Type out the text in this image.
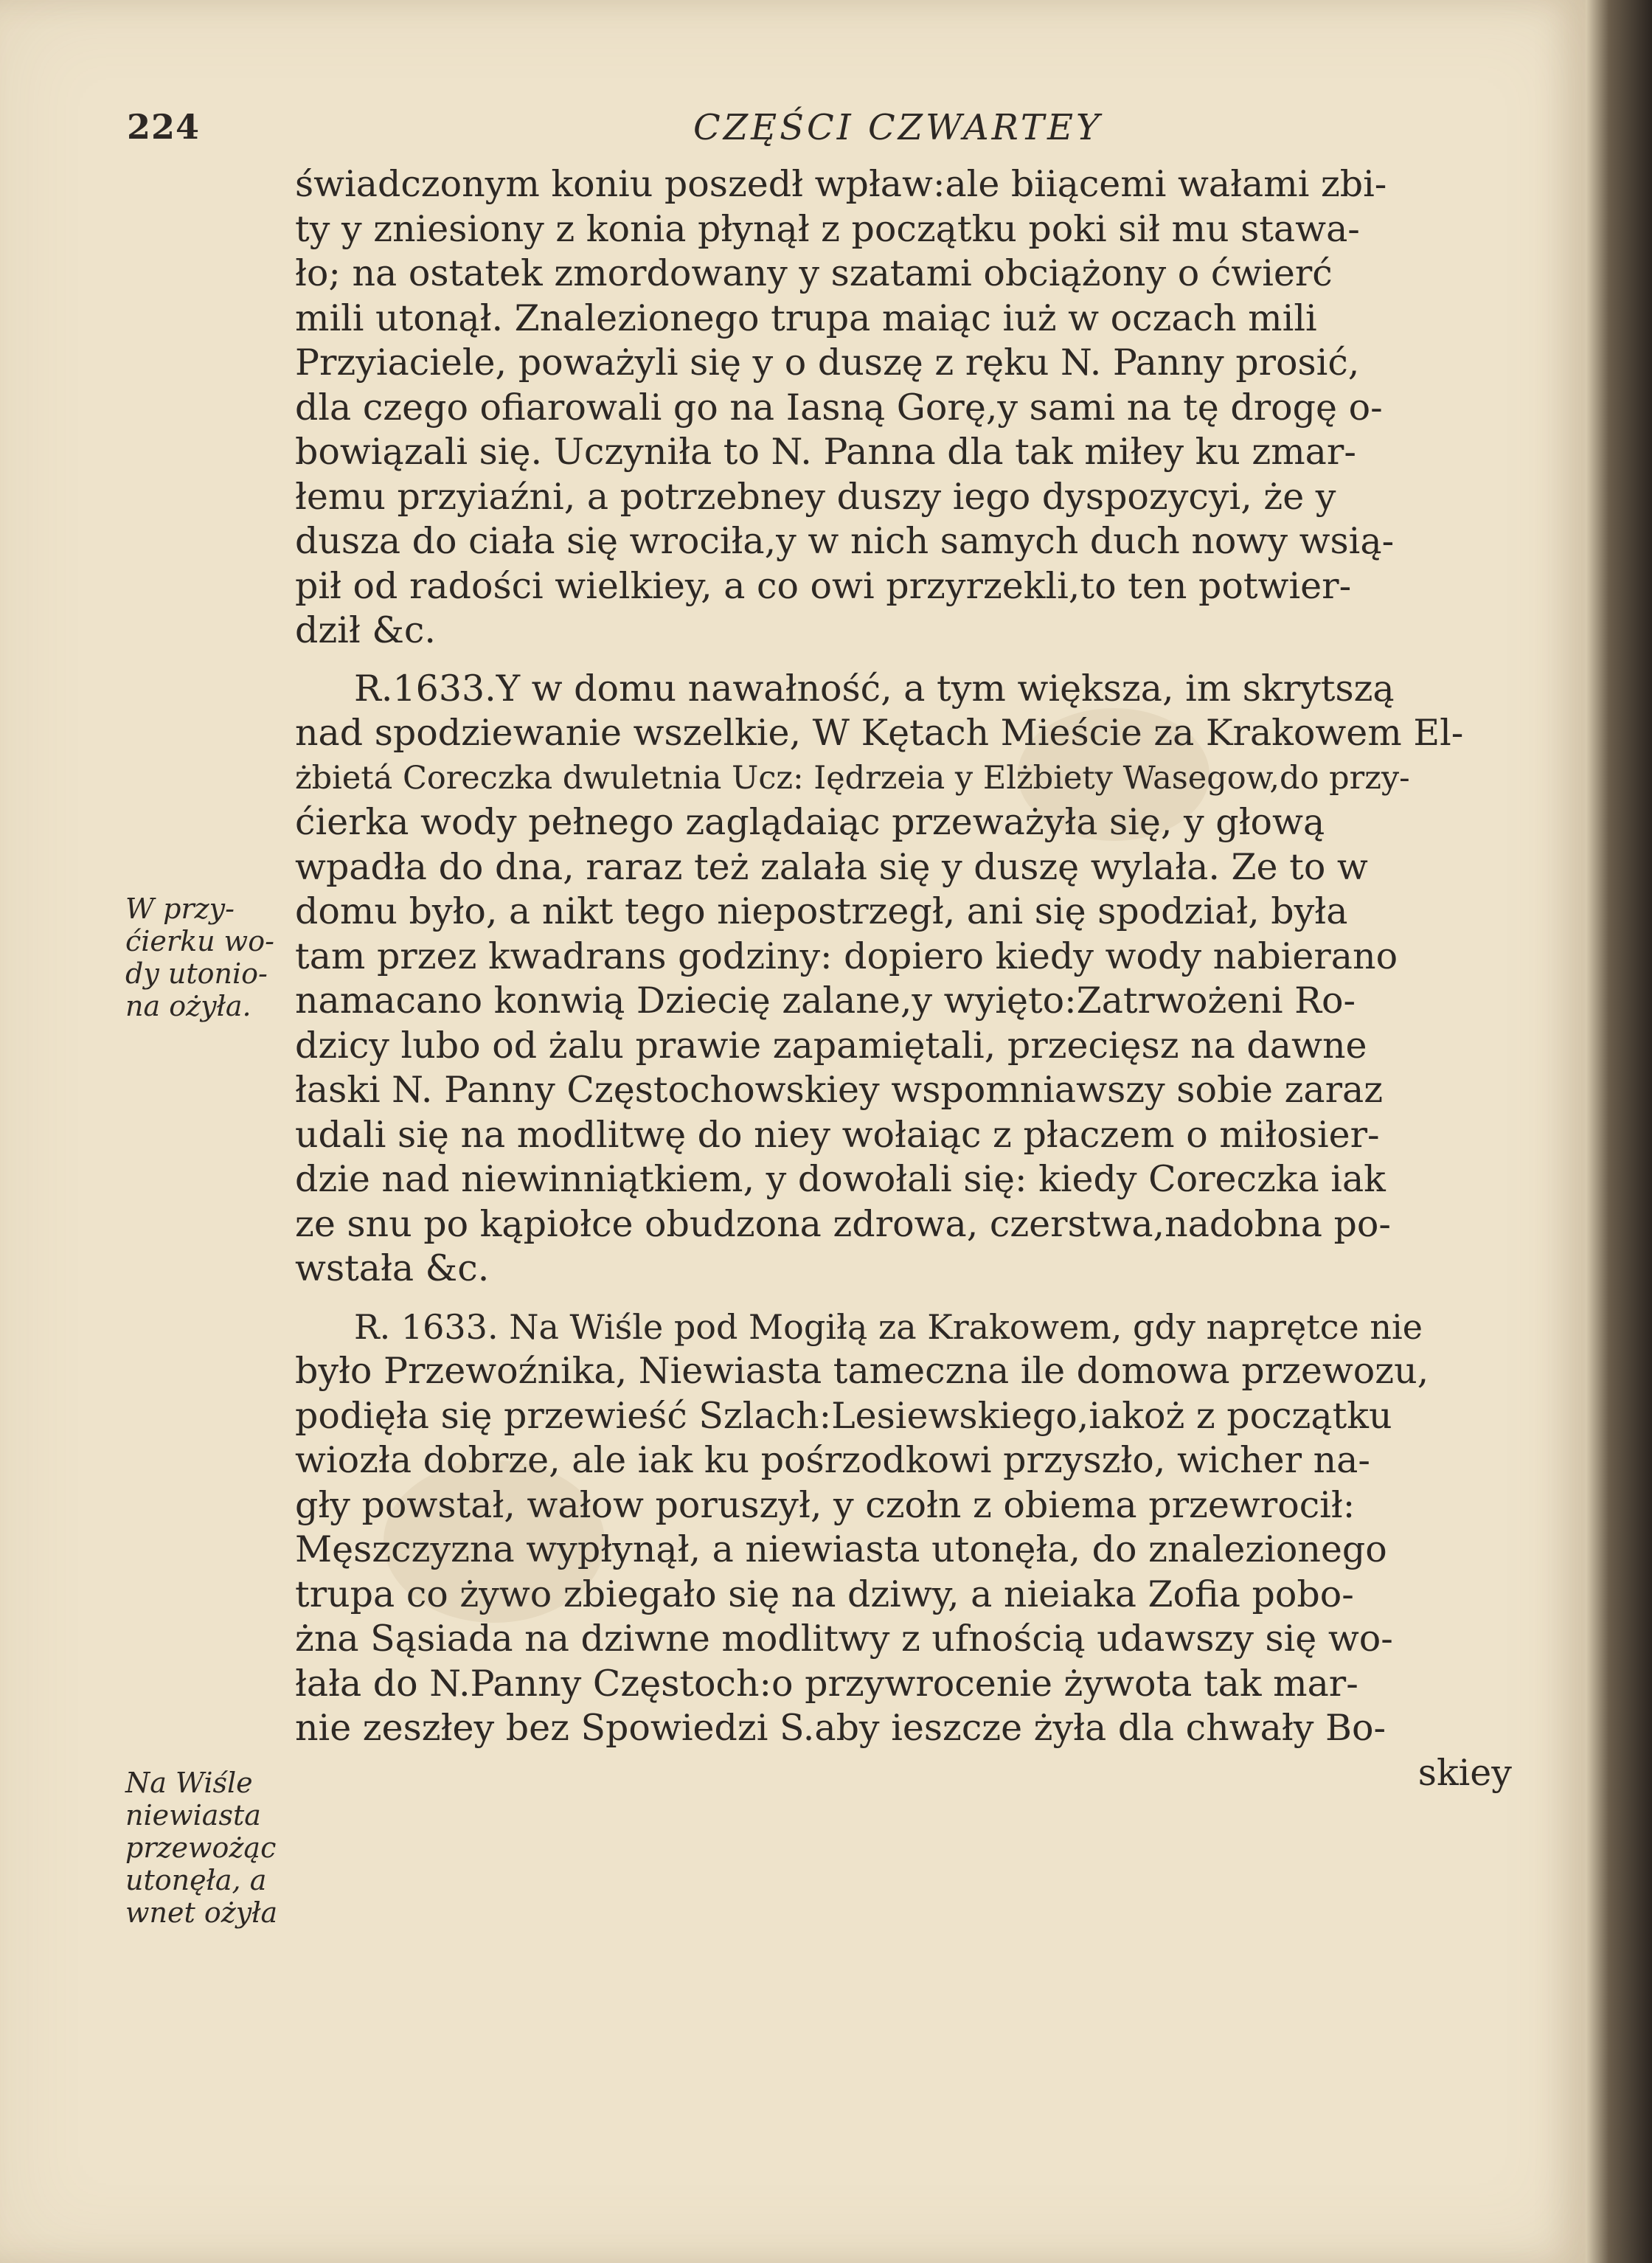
224	CZĘŚCI CZWARTEY
świadczonym koniu poszedł wpław:ale biiącemi wałami zbi-
ty y zniesiony z konia płynął z początku poki sił mu stawa-
ło; na ostatek zmordowany y szatami obciążony o ćwierć
mili utonął. Znalezionego trupa maiąc iuż w oczach mili
Przyiaciele, poważyli się y o duszę z ręku N. Panny prosić,
dla czego ofiarowali go na Iasną Gorę,y sami na tę drogę o-
bowiązali się. Uczyniła to N. Panna dla tak miłey ku zmar-
łemu przyiaźni, a potrzebney duszy iego dyspozycyi, że y
dusza do ciała się wrociła,y w nich samych duch nowy wsią-
pił od radości wielkiey, a co owi przyrzekli,to ten potwier-
dził &c.
R.1633.Y w domu nawałność, a tym większa, im skrytszą
nad spodziewanie wszelkie, W Kętach Mieście za Krakowem El-
żbietá Coreczka dwuletnia Ucz: Iędrzeia y Elżbiety Wasegow,do przy-
ćierka wody pełnego zaglądaiąc przeważyła się, y głową
wpadła do dna, raraz też zalała się y duszę wylała. Ze to w
domu było, a nikt tego niepostrzegł, ani się spodział, była
tam przez kwadrans godziny: dopiero kiedy wody nabierano
namacano konwią Dziecię zalane,y wyięto:Zatrwożeni Ro-
dzicy lubo od żalu prawie zapamiętali, przecięsz na dawne
łaski N. Panny Częstochowskiey wspomniawszy sobie zaraz
udali się na modlitwę do niey wołaiąc z płaczem o miłosier-
dzie nad niewinniątkiem, y dowołali się: kiedy Coreczka iak
ze snu po kąpiołce obudzona zdrowa, czerstwa,nadobna po-
wstała &c.
R. 1633. Na Wiśle pod Mogiłą za Krakowem, gdy naprętce nie
było Przewoźnika, Niewiasta tameczna ile domowa przewozu,
podięła się przewieść Szlach:Lesiewskiego,iakoż z początku
wiozła dobrze, ale iak ku pośrzodkowi przyszło, wicher na-
gły powstał, wałow poruszył, y czołn z obiema przewrocił:
Męszczyzna wypłynął, a niewiasta utonęła, do znalezionego
trupa co żywo zbiegało się na dziwy, a nieiaka Zofia pobo-
żna Sąsiada na dziwne modlitwy z ufnością udawszy się wo-
łała do N.Panny Częstoch:o przywrocenie żywota tak mar-
nie zeszłey bez Spowiedzi S.aby ieszcze żyła dla chwały Bo-
skiey
W przy-
ćierku wo-
dy utonio-
na ożyła.
Na Wiśle
niewiasta
przewożąc
utonęła, a
wnet ożyła
